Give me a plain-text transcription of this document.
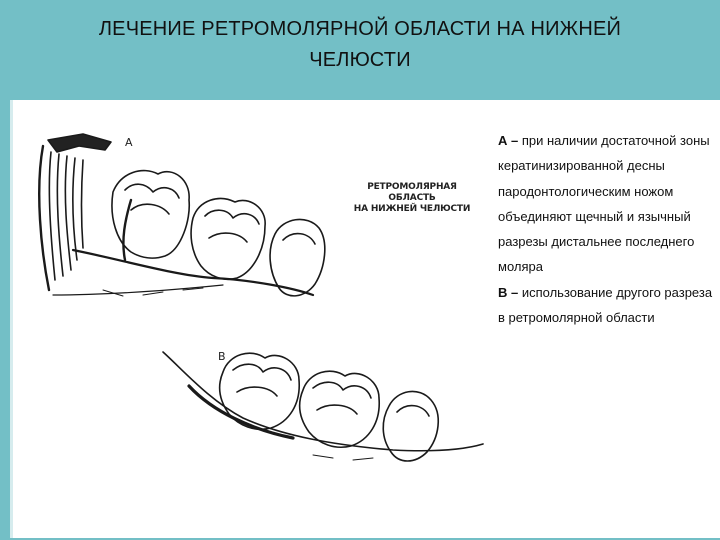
ЛЕЧЕНИЕ РЕТРОМОЛЯРНОЙ ОБЛАСТИ НА НИЖНЕЙ
ЧЕЛЮСТИ
A
B
РЕТРОМОЛЯРНАЯ ОБЛАСТЬ
НА НИЖНЕЙ ЧЕЛЮСТИ
А – при наличии достаточной зоны кератинизированной десны пародонтологическим ножом объединяют щечный и язычный разрезы дистальнее последнего моляра
В – использование другого разреза в ретромолярной области
